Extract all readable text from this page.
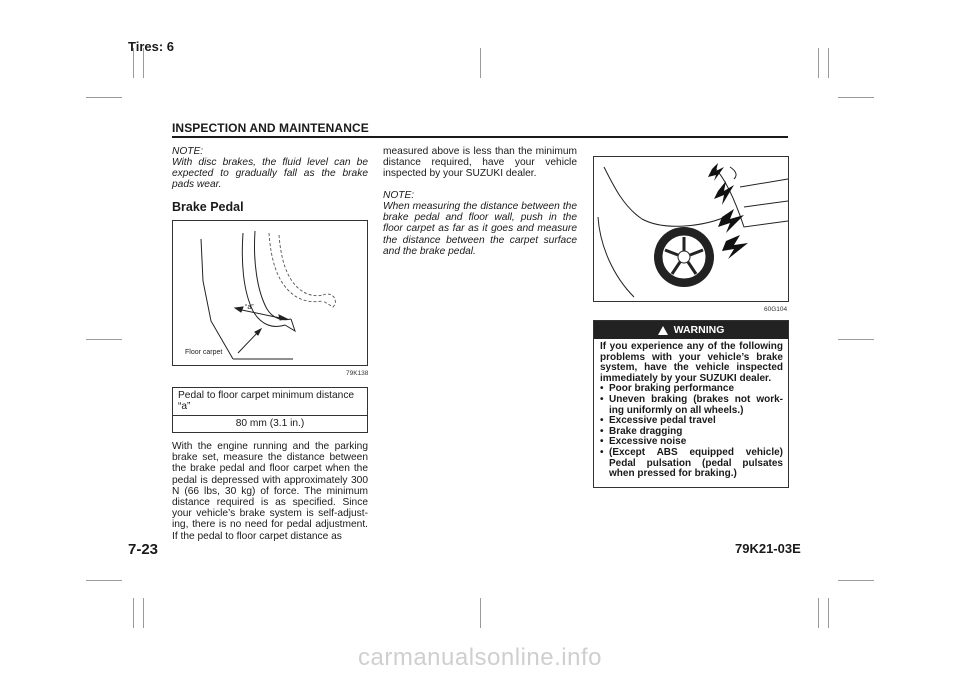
Tires: 6
INSPECTION AND MAINTENANCE
NOTE:
With disc brakes, the fluid level can be expected to gradually fall as the brake pads wear.
Brake Pedal
“a”
Floor carpet
79K138
Pedal to floor carpet minimum distance “a”
80 mm (3.1 in.)
With the engine running and the parking brake set, measure the distance between the brake pedal and floor carpet when the pedal is depressed with approximately 300 N (66 lbs, 30 kg) of force. The minimum distance required is as specified. Since your vehicle’s brake system is self-adjust-ing, there is no need for pedal adjustment. If the pedal to floor carpet distance as
measured above is less than the minimum distance required, have your vehicle inspected by your SUZUKI dealer.
NOTE:
When measuring the distance between the brake pedal and floor wall, push in the floor carpet as far as it goes and measure the distance between the carpet surface and the brake pedal.
60G104
WARNING
If you experience any of the following problems with your vehicle’s brake system, have the vehicle inspected immediately by your SUZUKI dealer.
• Poor braking performance
• Uneven braking (brakes not work-ing uniformly on all wheels.)
• Excessive pedal travel
• Brake dragging
• Excessive noise
• (Except ABS equipped vehicle) Pedal pulsation (pedal pulsates when pressed for braking.)
7-23	79K21-03E
carmanualsonline.info
